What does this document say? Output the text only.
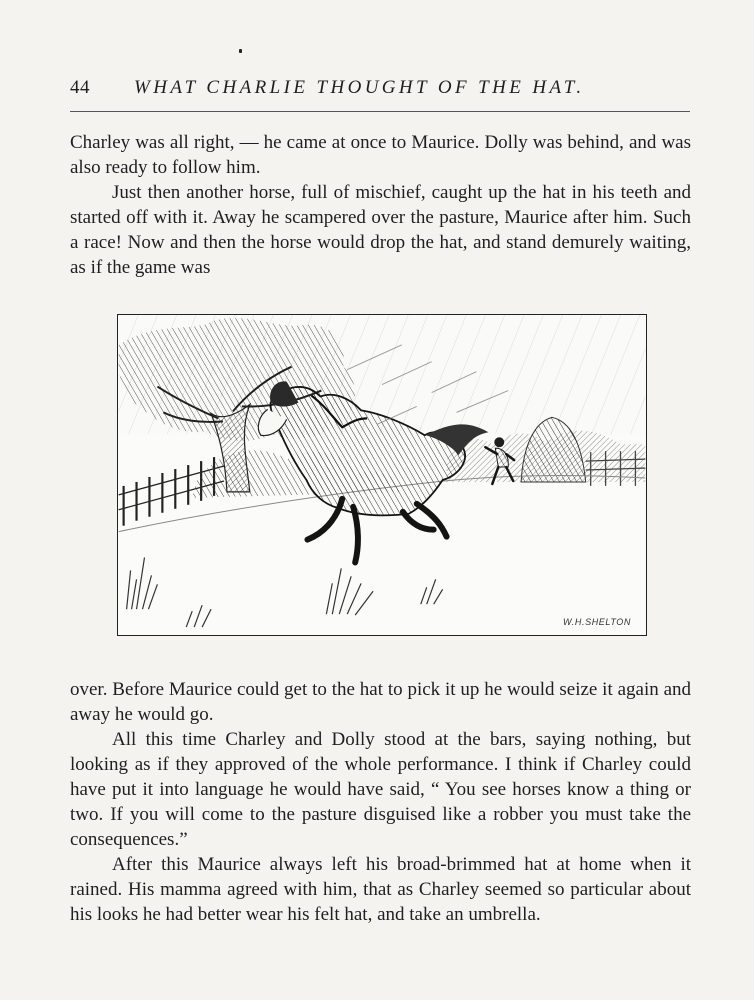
44 WHAT CHARLIE THOUGHT OF THE HAT.

Charley was all right, — he came at once to Maurice. Dolly was behind, and was also ready to follow him.

Just then another horse, full of mischief, caught up the hat in his teeth and started off with it. Away he scampered over the pasture, Maurice after him. Such a race! Now and then the horse would drop the hat, and stand demurely waiting, as if the game was

W.H.SHELTON

over. Before Maurice could get to the hat to pick it up he would seize it again and away he would go.

All this time Charley and Dolly stood at the bars, saying nothing, but looking as if they approved of the whole performance. I think if Charley could have put it into language he would have said, “ You see horses know a thing or two. If you will come to the pasture disguised like a robber you must take the consequences.”

After this Maurice always left his broad-brimmed hat at home when it rained. His mamma agreed with him, that as Charley seemed so particular about his looks he had better wear his felt hat, and take an umbrella.
